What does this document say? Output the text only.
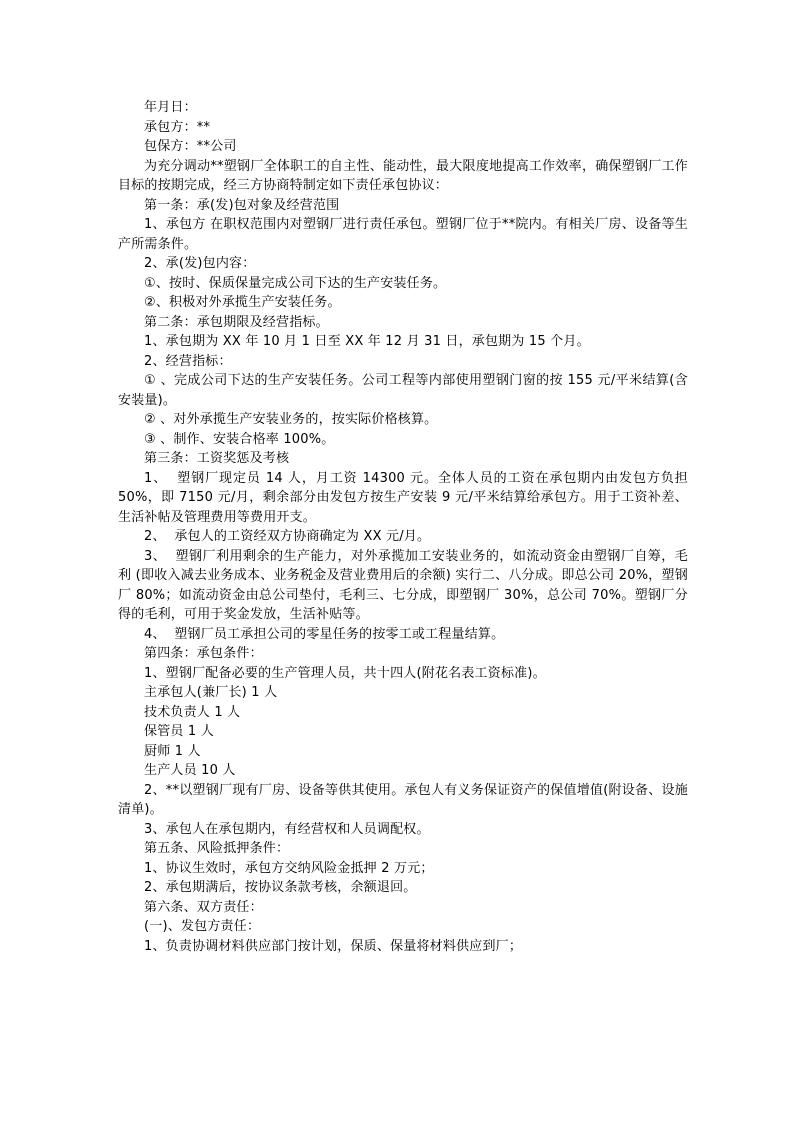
年月日：

承包方：**

包保方：**公司

为充分调动**塑钢厂全体职工的自主性、能动性，最大限度地提高工作效率，确保塑钢厂工作目标的按期完成，经三方协商特制定如下责任承包协议：

第一条：承(发)包对象及经营范围

1、承包方 在职权范围内对塑钢厂进行责任承包。塑钢厂位于**院内。有相关厂房、设备等生产所需条件。

2、承(发)包内容：

①、按时、保质保量完成公司下达的生产安装任务。

②、积极对外承揽生产安装任务。

第二条：承包期限及经营指标。

1、承包期为 XX 年 10 月 1 日至 XX 年 12 月 31 日，承包期为 15 个月。

2、经营指标：

① 、完成公司下达的生产安装任务。公司工程等内部使用塑钢门窗的按 155 元/平米结算(含安装量)。

② 、对外承揽生产安装业务的，按实际价格核算。

③ 、制作、安装合格率 100%。

第三条：工资奖惩及考核

1、  塑钢厂现定员 14 人，月工资 14300 元。全体人员的工资在承包期内由发包方负担 50%，即 7150 元/月，剩余部分由发包方按生产安装 9 元/平米结算给承包方。用于工资补差、生活补帖及管理费用等费用开支。

2、  承包人的工资经双方协商确定为 XX 元/月。

3、  塑钢厂利用剩余的生产能力，对外承揽加工安装业务的，如流动资金由塑钢厂自筹，毛利 (即收入减去业务成本、业务税金及营业费用后的余额) 实行二、八分成。即总公司 20%，塑钢厂 80%；如流动资金由总公司垫付，毛利三、七分成，即塑钢厂 30%，总公司 70%。塑钢厂分得的毛利，可用于奖金发放，生活补贴等。

4、  塑钢厂员工承担公司的零星任务的按零工或工程量结算。

第四条：承包条件：

1、塑钢厂配备必要的生产管理人员，共十四人(附花名表工资标准)。

主承包人(兼厂长) 1 人

技术负责人 1 人

保管员 1 人

厨师 1 人

生产人员 10 人

2、**以塑钢厂现有厂房、设备等供其使用。承包人有义务保证资产的保值增值(附设备、设施清单)。

3、承包人在承包期内，有经营权和人员调配权。

第五条、风险抵押条件：

1、协议生效时，承包方交纳风险金抵押 2 万元；

2、承包期满后，按协议条款考核，余额退回。

第六条、双方责任：

(一)、发包方责任：

1、负责协调材料供应部门按计划，保质、保量将材料供应到厂；
